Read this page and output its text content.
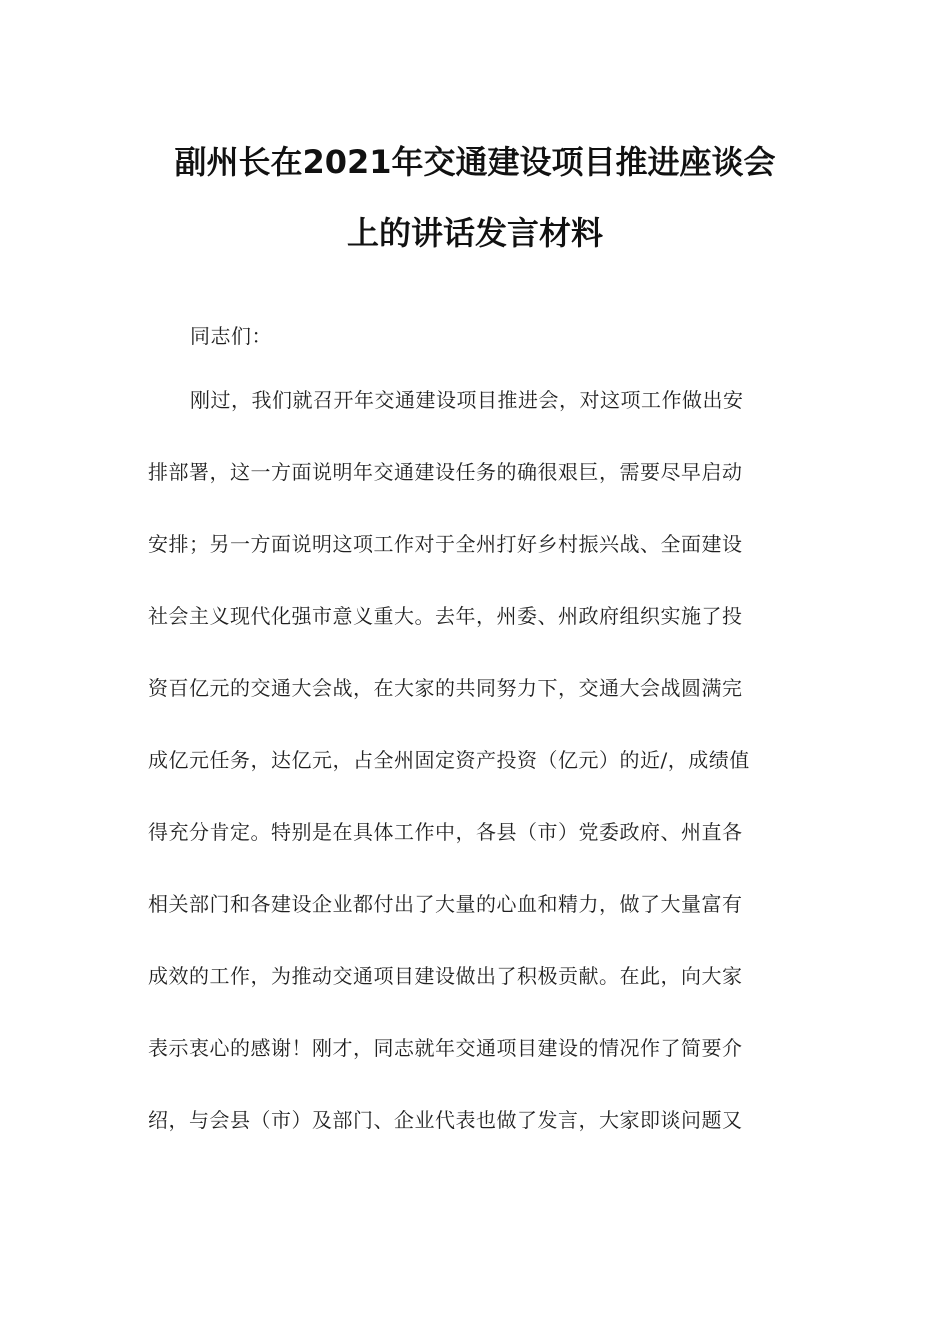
副州长在2021年交通建设项目推进座谈会
上的讲话发言材料
同志们：
刚过，我们就召开年交通建设项目推进会，对这项工作做出安
排部署，这一方面说明年交通建设任务的确很艰巨，需要尽早启动
安排；另一方面说明这项工作对于全州打好乡村振兴战、全面建设
社会主义现代化强市意义重大。去年，州委、州政府组织实施了投
资百亿元的交通大会战，在大家的共同努力下，交通大会战圆满完
成亿元任务，达亿元，占全州固定资产投资（亿元）的近/，成绩值
得充分肯定。特别是在具体工作中，各县（市）党委政府、州直各
相关部门和各建设企业都付出了大量的心血和精力，做了大量富有
成效的工作，为推动交通项目建设做出了积极贡献。在此，向大家
表示衷心的感谢！刚才，同志就年交通项目建设的情况作了简要介
绍，与会县（市）及部门、企业代表也做了发言，大家即谈问题又
